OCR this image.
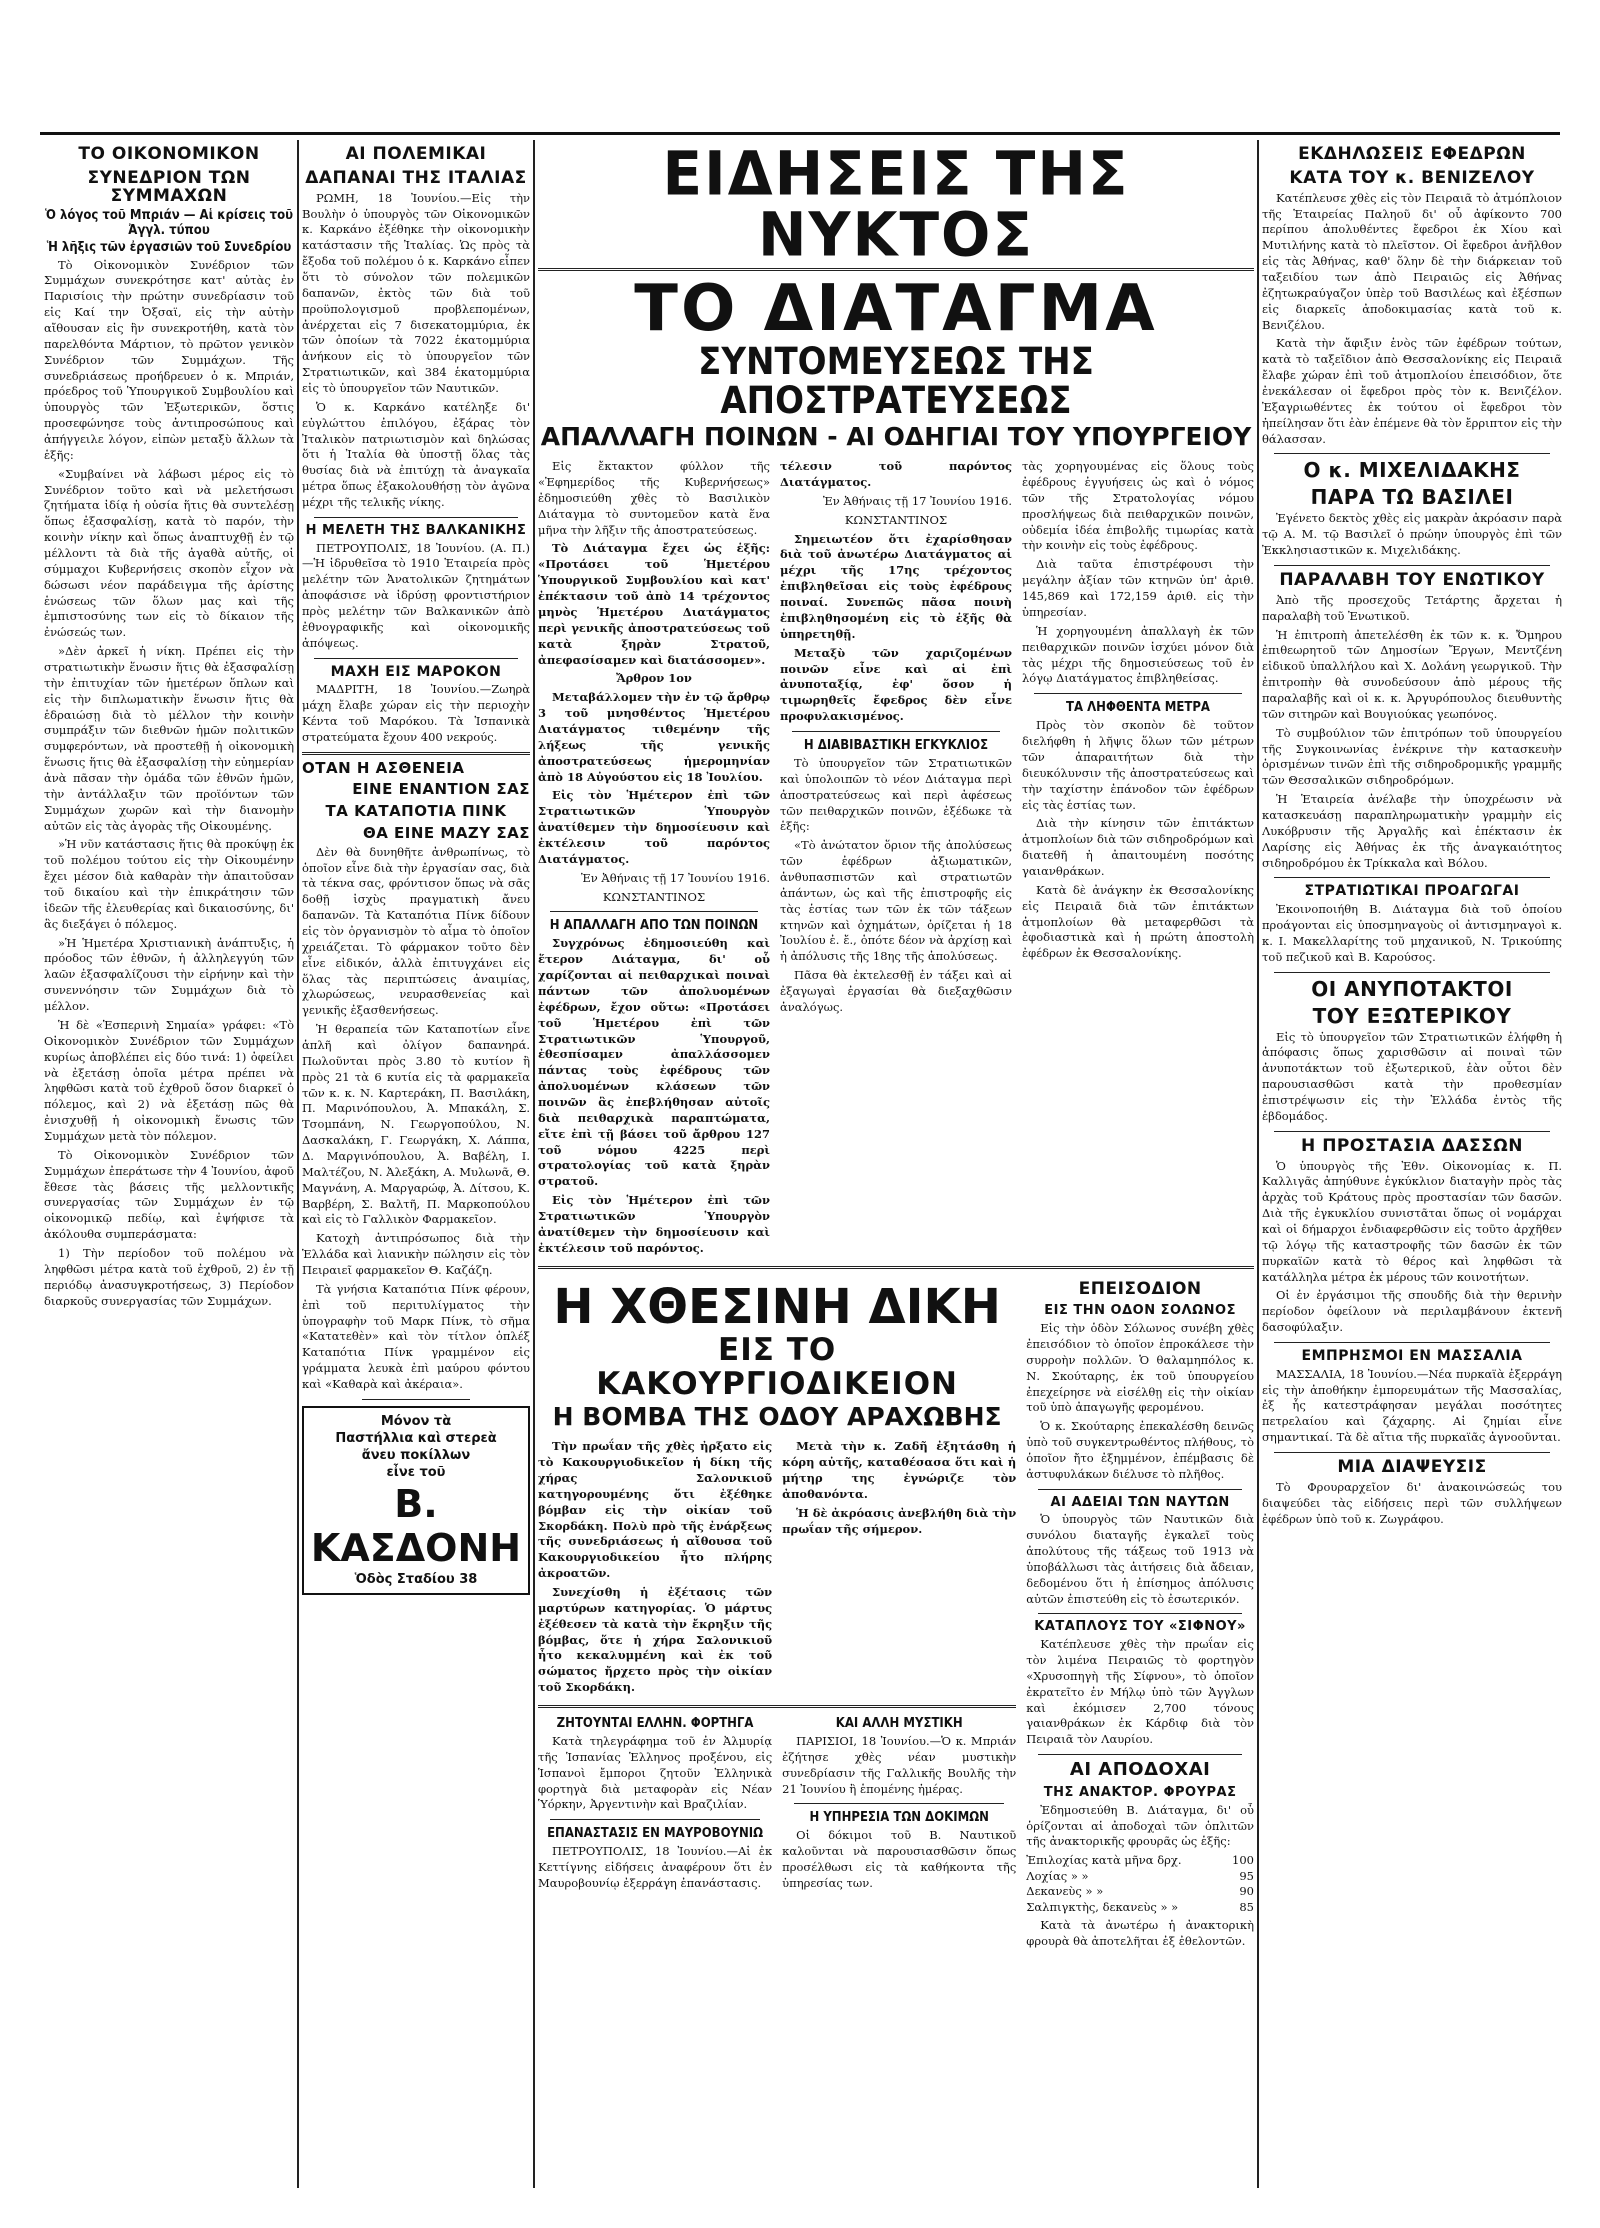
ΤΟ ΟΙΚΟΝΟΜΙΚΟΝ
ΣΥΝΕΔΡΙΟΝ ΤΩΝ ΣΥΜΜΑΧΩΝ
Ὁ λόγος τοῦ Μπριάν — Αἱ κρίσεις τοῦ Ἀγγλ. τύπου
Ἡ λῆξις τῶν ἐργασιῶν τοῦ Συνεδρίου

Τὸ Οἰκονομικὸν Συνέδριον τῶν Συμμάχων συνεκρότησε κατ' αὐτὰς ἐν Παρισίοις τὴν πρώτην συνεδρίασιν τοῦ εἰς Καί την Ὀξσαϊ, εἰς τὴν αὐτὴν αἴθουσαν εἰς ἣν συνεκροτήθη, κατὰ τὸν παρελθόντα Μάρτιον, τὸ πρῶτον γενικὸν Συνέδριον τῶν Συμμάχων. Τῆς συνεδριάσεως προήδρευεν ὁ κ. Μπριάν, πρόεδρος τοῦ Ὑπουργικοῦ Συμβουλίου καὶ ὑπουργὸς τῶν Ἐξωτερικῶν, ὅστις προσεφώνησε τοὺς ἀντιπροσώπους καὶ ἀπήγγειλε λόγον, εἰπὼν μεταξὺ ἄλλων τὰ ἑξῆς:

«Συμβαίνει νὰ λάβωσι μέρος εἰς τὸ Συνέδριον τοῦτο καὶ νὰ μελετήσωσι ζητήματα ἰδίᾳ ἡ οὐσία ἥτις θὰ συντελέσῃ ὅπως ἐξασφαλίσῃ, κατὰ τὸ παρόν, τὴν κοινὴν νίκην καὶ ὅπως ἀναπτυχθῇ ἐν τῷ μέλλοντι τὰ διὰ τῆς ἀγαθὰ αὐτῆς, οἱ σύμμαχοι Κυβερνήσεις σκοπὸν εἶχον νὰ δώσωσι νέον παράδειγμα τῆς ἀρίστης ἑνώσεως τῶν ὅλων μας καὶ τῆς ἐμπιστοσύνης των εἰς τὸ δίκαιον τῆς ἐνώσεώς των.

»Δὲν ἀρκεῖ ἡ νίκη. Πρέπει εἰς τὴν στρατιωτικὴν ἕνωσιν ἥτις θὰ ἐξασφαλίσῃ τὴν ἐπιτυχίαν τῶν ἡμετέρων ὅπλων καὶ εἰς τὴν διπλωματικὴν ἕνωσιν ἥτις θὰ ἑδραιώσῃ διὰ τὸ μέλλον τὴν κοινὴν συμπράξιν τῶν διεθνῶν ἡμῶν πολιτικῶν συμφερόντων, νὰ προστεθῇ ἡ οἰκονομικὴ ἕνωσις ἥτις θὰ ἐξασφαλίσῃ τὴν εὐημερίαν ἀνὰ πᾶσαν τὴν ὁμάδα τῶν ἐθνῶν ἡμῶν, τὴν ἀντάλλαξιν τῶν προϊόντων τῶν Συμμάχων χωρῶν καὶ τὴν διανομὴν αὐτῶν εἰς τὰς ἀγορὰς τῆς Οἰκουμένης.

»Ἡ νῦν κατάστασις ἥτις θὰ προκύψῃ ἐκ τοῦ πολέμου τούτου εἰς τὴν Οἰκουμένην ἔχει μέσον διὰ καθαρὰν τὴν ἀπαιτοῦσαν τοῦ δικαίου καὶ τὴν ἐπικράτησιν τῶν ἰδεῶν τῆς ἐλευθερίας καὶ δικαιοσύνης, δι' ἃς διεξάγει ὁ πόλεμος.

»Ἡ Ἡμετέρα Χριστιανικὴ ἀνάπτυξις, ἡ πρόοδος τῶν ἐθνῶν, ἡ ἀλληλεγγύη τῶν λαῶν ἐξασφαλίζουσι τὴν εἰρήνην καὶ τὴν συνεννόησιν τῶν Συμμάχων διὰ τὸ μέλλον.

Ἡ δὲ «Ἑσπερινὴ Σημαία» γράφει: «Τὸ Οἰκονομικὸν Συνέδριον τῶν Συμμάχων κυρίως ἀποβλέπει εἰς δύο τινά: 1) ὀφείλει νὰ ἐξετάσῃ ὁποῖα μέτρα πρέπει νὰ ληφθῶσι κατὰ τοῦ ἐχθροῦ ὅσον διαρκεῖ ὁ πόλεμος, καὶ 2) νὰ ἐξετάσῃ πῶς θὰ ἐνισχυθῇ ἡ οἰκονομικὴ ἕνωσις τῶν Συμμάχων μετὰ τὸν πόλεμον.

Τὸ Οἰκονομικὸν Συνέδριον τῶν Συμμάχων ἐπεράτωσε τὴν 4 Ἰουνίου, ἀφοῦ ἔθεσε τὰς βάσεις τῆς μελλοντικῆς συνεργασίας τῶν Συμμάχων ἐν τῷ οἰκονομικῷ πεδίῳ, καὶ ἐψήφισε τὰ ἀκόλουθα συμπεράσματα:

1) Τὴν περίοδον τοῦ πολέμου νὰ ληφθῶσι μέτρα κατὰ τοῦ ἐχθροῦ, 2) ἐν τῇ περιόδῳ ἀνασυγκροτήσεως, 3) Περίοδον διαρκοῦς συνεργασίας τῶν Συμμάχων.

ΑΙ ΠΟΛΕΜΙΚΑΙ
ΔΑΠΑΝΑΙ ΤΗΣ ΙΤΑΛΙΑΣ

ΡΩΜΗ, 18 Ἰουνίου.—Εἰς τὴν Βουλὴν ὁ ὑπουργὸς τῶν Οἰκονομικῶν κ. Καρκάνο ἐξέθηκε τὴν οἰκονομικὴν κατάστασιν τῆς Ἰταλίας. Ὡς πρὸς τὰ ἔξοδα τοῦ πολέμου ὁ κ. Καρκάνο εἶπεν ὅτι τὸ σύνολον τῶν πολεμικῶν δαπανῶν, ἐκτὸς τῶν διὰ τοῦ προϋπολογισμοῦ προβλεπομένων, ἀνέρχεται εἰς 7 δισεκατομμύρια, ἐκ τῶν ὁποίων τὰ 7022 ἑκατομμύρια ἀνήκουν εἰς τὸ ὑπουργεῖον τῶν Στρατιωτικῶν, καὶ 384 ἑκατομμύρια εἰς τὸ ὑπουργεῖον τῶν Ναυτικῶν.

Ὁ κ. Καρκάνο κατέληξε δι' εὐγλώττου ἐπιλόγου, ἐξάρας τὸν Ἰταλικὸν πατριωτισμὸν καὶ δηλώσας ὅτι ἡ Ἰταλία θὰ ὑποστῇ ὅλας τὰς θυσίας διὰ νὰ ἐπιτύχῃ τὰ ἀναγκαῖα μέτρα ὅπως ἐξακολουθήσῃ τὸν ἀγῶνα μέχρι τῆς τελικῆς νίκης.

Η ΜΕΛΕΤΗ ΤΗΣ ΒΑΛΚΑΝΙΚΗΣ

ΠΕΤΡΟΥΠΟΛΙΣ, 18 Ἰουνίου. (Α. Π.)—Ἡ ἱδρυθεῖσα τὸ 1910 Ἑταιρεία πρὸς μελέτην τῶν Ἀνατολικῶν ζητημάτων ἀποφάσισε νὰ ἱδρύσῃ φροντιστήριον πρὸς μελέτην τῶν Βαλκανικῶν ἀπὸ ἐθνογραφικῆς καὶ οἰκονομικῆς ἀπόψεως.

ΜΑΧΗ ΕΙΣ ΜΑΡΟΚΟΝ

ΜΑΔΡΙΤΗ, 18 Ἰουνίου.—Ζωηρὰ μάχη ἔλαβε χώραν εἰς τὴν περιοχὴν Κέντα τοῦ Μαρόκου. Τὰ Ἱσπανικὰ στρατεύματα ἔχουν 400 νεκρούς.

ΟΤΑΝ Η ΑΣΘΕΝΕΙΑ
ΕΙΝΕ ΕΝΑΝΤΙΟΝ ΣΑΣ
ΤΑ ΚΑΤΑΠΟΤΙΑ ΠΙΝΚ
ΘΑ ΕΙΝΕ ΜΑΖΥ ΣΑΣ

Δὲν θὰ δυνηθῆτε ἀνθρωπίνως, τὸ ὁποῖον εἶνε διὰ τὴν ἐργασίαν σας, διὰ τὰ τέκνα σας, φρόντισον ὅπως νὰ σᾶς δοθῇ ἰσχὺς πραγματικὴ ἄνευ δαπανῶν. Τὰ Καταπότια Πίνκ δίδουν εἰς τὸν ὀργανισμὸν τὸ αἷμα τὸ ὁποῖον χρειάζεται. Τὸ φάρμακον τοῦτο δὲν εἶνε εἰδικόν, ἀλλὰ ἐπιτυγχάνει εἰς ὅλας τὰς περιπτώσεις ἀναιμίας, χλωρώσεως, νευρασθενείας καὶ γενικῆς ἐξασθενήσεως.

Ἡ θεραπεία τῶν Καταποτίων εἶνε ἁπλῆ καὶ ὀλίγον δαπανηρά. Πωλοῦνται πρὸς 3.80 τὸ κυτίον ἢ πρὸς 21 τὰ 6 κυτία εἰς τὰ φαρμακεῖα τῶν κ. κ. Ν. Καρτεράκη, Π. Βασιλάκη, Π. Μαρινόπουλου, Ἀ. Μπακάλη, Σ. Τσομπάνη, Ν. Γεωργοπούλου, Ν. Δασκαλάκη, Γ. Γεωργάκη, Χ. Λάππα, Δ. Μαργινόπουλου, Ἀ. Βαβέλη, Ι. Μαλτέζου, Ν. Ἀλεξάκη, Α. Μυλωνᾶ, Θ. Μαγνάνη, Α. Μαργαρώφ, Ἀ. Δίτσου, Κ. Βαρβέρη, Σ. Βαλτῆ, Π. Μαρκοπούλου καὶ εἰς τὸ Γαλλικὸν Φαρμακεῖον.

Κατοχὴ ἀντιπρόσωπος διὰ τὴν Ἑλλάδα καὶ λιανικὴν πώλησιν εἰς τὸν Πειραιεῖ φαρμακεῖον Θ. Καζάζη.

Τὰ γνήσια Καταπότια Πίνκ φέρουν, ἐπὶ τοῦ περιτυλίγματος τὴν ὑπογραφὴν τοῦ Μαρκ Πίνκ, τὸ σῆμα «Κατατεθὲν» καὶ τὸν τίτλον ὁπλέξ Καταπότια Πίνκ γραμμένον εἰς γράμματα λευκὰ ἐπὶ μαύρου φόντου καὶ «Καθαρὰ καὶ ἀκέραια».

Μόνον τὰ
Παστήλλια καὶ στερεὰ
ἄνευ ποκίλλων
εἶνε τοῦ
Β. ΚΑΣΔΟΝΗ
Ὁδὸς Σταδίου 38
ΕΙΔΗΣΕΙΣ ΤΗΣ ΝΥΚΤΟΣ
ΤΟ ΔΙΑΤΑΓΜΑ
ΣΥΝΤΟΜΕΥΣΕΩΣ ΤΗΣ ΑΠΟΣΤΡΑΤΕΥΣΕΩΣ
ΑΠΑΛΛΑΓΗ ΠΟΙΝΩΝ - ΑΙ ΟΔΗΓΙΑΙ ΤΟΥ ΥΠΟΥΡΓΕΙΟΥ

Εἰς ἔκτακτον φύλλον τῆς «Ἐφημερίδος τῆς Κυβερνήσεως» ἐδημοσιεύθη χθὲς τὸ Βασιλικὸν Διάταγμα τὸ συντομεῦον κατὰ ἕνα μῆνα τὴν λῆξιν τῆς ἀποστρατεύσεως.

Τὸ Διάταγμα ἔχει ὡς ἑξῆς: «Προτάσει τοῦ Ἡμετέρου Ὑπουργικοῦ Συμβουλίου καὶ κατ' ἐπέκτασιν τοῦ ἀπὸ 14 τρέχοντος μηνὸς Ἡμετέρου Διατάγματος περὶ γενικῆς ἀποστρατεύσεως τοῦ κατὰ ξηρὰν Στρατοῦ, ἀπεφασίσαμεν καὶ διατάσσομεν».

Ἄρθρον 1ον

Μεταβάλλομεν τὴν ἐν τῷ ἄρθρῳ 3 τοῦ μνησθέντος Ἡμετέρου Διατάγματος τιθεμένην τῆς λήξεως τῆς γενικῆς ἀποστρατεύσεως ἡμερομηνίαν ἀπὸ 18 Αὐγούστου εἰς 18 Ἰουλίου.

Εἰς τὸν Ἡμέτερον ἐπὶ τῶν Στρατιωτικῶν Ὑπουργὸν ἀνατίθεμεν τὴν δημοσίευσιν καὶ ἐκτέλεσιν τοῦ παρόντος Διατάγματος.

Ἐν Ἀθήναις τῇ 17 Ἰουνίου 1916.

ΚΩΝΣΤΑΝΤΙΝΟΣ

Η ΑΠΑΛΛΑΓΗ ΑΠΟ ΤΩΝ ΠΟΙΝΩΝ

Συγχρόνως ἐδημοσιεύθη καὶ ἕτερον Διάταγμα, δι' οὗ χαρίζονται αἱ πειθαρχικαὶ ποιναὶ πάντων τῶν ἀπολυομένων ἐφέδρων, ἔχον οὕτω: «Προτάσει τοῦ Ἡμετέρου ἐπὶ τῶν Στρατιωτικῶν Ὑπουργοῦ, ἐθεσπίσαμεν ἀπαλλάσσομεν πάντας τοὺς ἐφέδρους τῶν ἀπολυομένων κλάσεων τῶν ποινῶν ἃς ἐπεβλήθησαν αὐτοῖς διὰ πειθαρχικὰ παραπτώματα, εἴτε ἐπὶ τῇ βάσει τοῦ ἄρθρου 127 τοῦ νόμου 4225 περὶ στρατολογίας τοῦ κατὰ ξηρὰν στρατοῦ.

Εἰς τὸν Ἡμέτερον ἐπὶ τῶν Στρατιωτικῶν Ὑπουργὸν ἀνατίθεμεν τὴν δημοσίευσιν καὶ ἐκτέλεσιν τοῦ παρόντος.

τέλεσιν τοῦ παρόντος Διατάγματος.

Ἐν Ἀθήναις τῇ 17 Ἰουνίου 1916.

ΚΩΝΣΤΑΝΤΙΝΟΣ

Σημειωτέον ὅτι ἐχαρίσθησαν διὰ τοῦ ἀνωτέρω Διατάγματος αἱ μέχρι τῆς 17ης τρέχοντος ἐπιβληθεῖσαι εἰς τοὺς ἐφέδρους ποιναί. Συνεπῶς πᾶσα ποινὴ ἐπιβληθησομένη εἰς τὸ ἑξῆς θὰ ὑπηρετηθῇ.

Μεταξὺ τῶν χαριζομένων ποινῶν εἶνε καὶ αἱ ἐπὶ ἀνυποταξίᾳ, ἐφ' ὅσον ἡ τιμωρηθεῖς ἔφεδρος δὲν εἶνε προφυλακισμένος.

Η ΔΙΑΒΙΒΑΣΤΙΚΗ ΕΓΚΥΚΛΙΟΣ

Τὸ ὑπουργεῖον τῶν Στρατιωτικῶν καὶ ὑπολοιπῶν τὸ νέον Διάταγμα περὶ ἀποστρατεύσεως καὶ περὶ ἀφέσεως τῶν πειθαρχικῶν ποινῶν, ἐξέδωκε τὰ ἑξῆς:

«Τὸ ἀνώτατον ὅριον τῆς ἀπολύσεως τῶν ἐφέδρων ἀξιωματικῶν, ἀνθυπασπιστῶν καὶ στρατιωτῶν ἀπάντων, ὡς καὶ τῆς ἐπιστροφῆς εἰς τὰς ἑστίας των τῶν ἐκ τῶν τάξεων κτηνῶν καὶ ὀχημάτων, ὁρίζεται ἡ 18 Ἰουλίου ἐ. ἔ., ὁπότε δέον νὰ ἀρχίσῃ καὶ ἡ ἀπόλυσις τῆς 18ης τῆς ἀπολύσεως.

Πᾶσα θὰ ἐκτελεσθῇ ἐν τάξει καὶ αἱ ἐξαγωγαὶ ἐργασίαι θὰ διεξαχθῶσιν ἀναλόγως.

τὰς χορηγουμένας εἰς ὅλους τοὺς ἐφέδρους ἐγγυήσεις ὡς καὶ ὁ νόμος τῶν τῆς Στρατολογίας νόμου προσλήψεως διὰ πειθαρχικῶν ποινῶν, οὐδεμία ἰδέα ἐπιβολῆς τιμωρίας κατὰ τὴν κοινὴν εἰς τοὺς ἐφέδρους.

Διὰ ταῦτα ἐπιστρέφουσι τὴν μεγάλην ἀξίαν τῶν κτηνῶν ὑπ' ἀριθ. 145,869 καὶ 172,159 ἀριθ. εἰς τὴν ὑπηρεσίαν.

Ἡ χορηγουμένη ἀπαλλαγὴ ἐκ τῶν πειθαρχικῶν ποινῶν ἰσχύει μόνον διὰ τὰς μέχρι τῆς δημοσιεύσεως τοῦ ἐν λόγῳ Διατάγματος ἐπιβληθείσας.

ΤΑ ΛΗΦΘΕΝΤΑ ΜΕΤΡΑ

Πρὸς τὸν σκοπὸν δὲ τοῦτον διελήφθη ἡ λῆψις ὅλων τῶν μέτρων τῶν ἀπαραιτήτων διὰ τὴν διευκόλυνσιν τῆς ἀποστρατεύσεως καὶ τὴν ταχίστην ἐπάνοδον τῶν ἐφέδρων εἰς τὰς ἑστίας των.

Διὰ τὴν κίνησιν τῶν ἐπιτάκτων ἀτμοπλοίων διὰ τῶν σιδηροδρόμων καὶ διατεθῆ ἡ ἀπαιτουμένη ποσότης γαιανθράκων.

Κατὰ δὲ ἀνάγκην ἐκ Θεσσαλονίκης εἰς Πειραιᾶ διὰ τῶν ἐπιτάκτων ἀτμοπλοίων θὰ μεταφερθῶσι τὰ ἐφοδιαστικὰ καὶ ἡ πρώτη ἀποστολὴ ἐφέδρων ἐκ Θεσσαλονίκης.

Η ΧΘΕΣΙΝΗ ΔΙΚΗ
ΕΙΣ ΤΟ ΚΑΚΟΥΡΓΙΟΔΙΚΕΙΟΝ
Η ΒΟΜΒΑ ΤΗΣ ΟΔΟΥ ΑΡΑΧΩΒΗΣ

Τὴν πρωΐαν τῆς χθὲς ἠρξατο εἰς τὸ Κακουργιοδικεῖον ἡ δίκη τῆς χήρας Σαλονικιοῦ κατηγορουμένης ὅτι ἐξέθηκε βόμβαν εἰς τὴν οἰκίαν τοῦ Σκορδάκη. Πολὺ πρὸ τῆς ἐνάρξεως τῆς συνεδριάσεως ἡ αἴθουσα τοῦ Κακουργιοδικείου ἦτο πλήρης ἀκροατῶν.

Συνεχίσθη ἡ ἐξέτασις τῶν μαρτύρων κατηγορίας. Ὁ μάρτυς ἐξέθεσεν τὰ κατὰ τὴν ἔκρηξιν τῆς βόμβας, ὅτε ἡ χήρα Σαλονικιοῦ ἦτο κεκαλυμμένη καὶ ἐκ τοῦ σώματος ἤρχετο πρὸς τὴν οἰκίαν τοῦ Σκορδάκη.

Μετὰ τὴν κ. Ζαδῆ ἐξητάσθη ἡ κόρη αὐτῆς, καταθέσασα ὅτι καὶ ἡ μήτηρ της ἐγνώριζε τὸν ἀποθανόντα.

Ἡ δὲ ἀκρόασις ἀνεβλήθη διὰ τὴν πρωΐαν τῆς σήμερον.

ΖΗΤΟΥΝΤΑΙ ΕΛΛΗΝ. ΦΟΡΤΗΓΑ

Κατὰ τηλεγράφημα τοῦ ἐν Ἀλμυρίᾳ τῆς Ἱσπανίας Ἑλληνος προξένου, εἰς Ἱσπανοὶ ἔμποροι ζητοῦν Ἑλληνικὰ φορτηγὰ διὰ μεταφορὰν εἰς Νέαν Ὑόρκην, Ἀργεντινὴν καὶ Βραζιλίαν.

ΕΠΑΝΑΣΤΑΣΙΣ ΕΝ ΜΑΥΡΟΒΟΥΝΙΩ

ΠΕΤΡΟΥΠΟΛΙΣ, 18 Ἰουνίου.—Αἱ ἐκ Κεττίγνης εἰδήσεις ἀναφέρουν ὅτι ἐν Μαυροβουνίῳ ἐξερράγη ἐπανάστασις.

ΚΑΙ ΑΛΛΗ ΜΥΣΤΙΚΗ

ΠΑΡΙΣΙΟΙ, 18 Ἰουνίου.—Ὁ κ. Μπριάν ἐζήτησε χθὲς νέαν μυστικὴν συνεδρίασιν τῆς Γαλλικῆς Βουλῆς τὴν 21 Ἰουνίου ἢ ἑπομένης ἡμέρας.

Η ΥΠΗΡΕΣΙΑ ΤΩΝ ΔΟΚΙΜΩΝ

Οἱ δόκιμοι τοῦ Β. Ναυτικοῦ καλοῦνται νὰ παρουσιασθῶσιν ὅπως προσέλθωσι εἰς τὰ καθήκοντα τῆς ὑπηρεσίας των.

ΕΠΕΙΣΟΔΙΟΝ
ΕΙΣ ΤΗΝ ΟΔΟΝ ΣΟΛΩΝΟΣ

Εἰς τὴν ὁδὸν Σόλωνος συνέβη χθὲς ἐπεισόδιον τὸ ὁποῖον ἐπροκάλεσε τὴν συρροὴν πολλῶν. Ὁ θαλαμηπόλος κ. Ν. Σκούταρης, ἐκ τοῦ ὑπουργείου ἐπεχείρησε νὰ εἰσέλθῃ εἰς τὴν οἰκίαν τοῦ ὑπὸ ἀπαγωγῆς φερομένου.

Ὁ κ. Σκούταρης ἐπεκαλέσθη δεινῶς ὑπὸ τοῦ συγκεντρωθέντος πλήθους, τὸ ὁποῖον ἤτο ἐξημμένον, ἐπέμβασις δὲ ἀστυφυλάκων διέλυσε τὸ πλῆθος.

ΑΙ ΑΔΕΙΑΙ ΤΩΝ ΝΑΥΤΩΝ

Ὁ ὑπουργὸς τῶν Ναυτικῶν διὰ συνόλου διαταγῆς ἐγκαλεῖ τοὺς ἀπολύτους τῆς τάξεως τοῦ 1913 νὰ ὑποβάλλωσι τὰς ἀιτήσεις διὰ ἄδειαν, δεδομένου ὅτι ἡ ἐπίσημος ἀπόλυσις αὐτῶν ἐπιστεύθη εἰς τὸ ἐσωτερικόν.

ΚΑΤΑΠΛΟΥΣ ΤΟΥ «ΣΙΦΝΟΥ»

Κατέπλευσε χθὲς τὴν πρωΐαν εἰς τὸν λιμένα Πειραιῶς τὸ φορτηγὸν «Χρυσοπηγὴ τῆς Σίφνου», τὸ ὁποῖον ἐκρατεῖτο ἐν Μήλῳ ὑπὸ τῶν Ἀγγλων καὶ ἐκόμισεν 2,700 τόνους γαιανθράκων ἐκ Κάρδιφ διὰ τὸν Πειραιᾶ τὸν Λαυρίου.

ΑΙ ΑΠΟΔΟΧΑΙ
ΤΗΣ ΑΝΑΚΤΟΡ. ΦΡΟΥΡΑΣ

Ἐδημοσιεύθη Β. Διάταγμα, δι' οὗ ὁρίζονται αἱ ἀποδοχαὶ τῶν ὁπλιτῶν τῆς ἀνακτορικῆς φρουρᾶς ὡς ἑξῆς:

Ἐπιλοχίας κατὰ μῆνα δρχ.	100
Λοχίας » »	95
Δεκανεὺς » »	90
Σαλπιγκτὴς, δεκανεὺς » »	85

Κατὰ τὰ ἀνωτέρω ἡ ἀνακτορικὴ φρουρὰ θὰ ἀποτελῆται ἐξ ἐθελοντῶν.

ΕΚΔΗΛΩΣΕΙΣ ΕΦΕΔΡΩΝ
ΚΑΤΑ ΤΟΥ κ. ΒΕΝΙΖΕΛΟΥ

Κατέπλευσε χθὲς εἰς τὸν Πειραιᾶ τὸ ἀτμόπλοιον τῆς Ἑταιρείας Παληοῦ δι' οὗ ἀφίκοντο 700 περίπου ἀπολυθέντες ἔφεδροι ἐκ Χίου καὶ Μυτιλήνης κατὰ τὸ πλεῖστον. Οἱ ἔφεδροι ἀνῆλθον εἰς τὰς Ἀθήνας, καθ' ὅλην δὲ τὴν διάρκειαν τοῦ ταξειδίου των ἀπὸ Πειραιῶς εἰς Ἀθήνας ἐζητωκραύγαζον ὑπὲρ τοῦ Βασιλέως καὶ ἐξέσπων εἰς διαρκεῖς ἀποδοκιμασίας κατὰ τοῦ κ. Βενιζέλου.

Κατὰ τὴν ἄφιξιν ἑνὸς τῶν ἐφέδρων τούτων, κατὰ τὸ ταξεῖδιον ἀπὸ Θεσσαλονίκης εἰς Πειραιᾶ ἔλαβε χώραν ἐπὶ τοῦ ἀτμοπλοίου ἐπεισόδιον, ὅτε ἐνεκάλεσαν οἱ ἔφεδροι πρὸς τὸν κ. Βενιζέλον. Ἐξαγριωθέντες ἐκ τούτου οἱ ἔφεδροι τὸν ἠπείλησαν ὅτι ἐὰν ἐπέμενε θὰ τὸν ἔρριπτον εἰς τὴν θάλασσαν.

Ο κ. ΜΙΧΕΛΙΔΑΚΗΣ
ΠΑΡΑ ΤΩ ΒΑΣΙΛΕΙ

Ἐγένετο δεκτὸς χθὲς εἰς μακρὰν ἀκρόασιν παρὰ τῷ Α. Μ. τῷ Βασιλεῖ ὁ πρώην ὑπουργὸς ἐπὶ τῶν Ἐκκλησιαστικῶν κ. Μιχελιδάκης.

ΠΑΡΑΛΑΒΗ ΤΟΥ ΕΝΩΤΙΚΟΥ

Ἀπὸ τῆς προσεχοῦς Τετάρτης ἄρχεται ἡ παραλαβὴ τοῦ Ἐνωτικοῦ.

Ἡ ἐπιτροπὴ ἀπετελέσθη ἐκ τῶν κ. κ. Ὄμηρου ἐπιθεωρητοῦ τῶν Δημοσίων Ἔργων, Μεντζένη εἰδικοῦ ὑπαλλήλου καὶ Χ. Δολάνη γεωργικοῦ. Τὴν ἐπιτροπὴν θὰ συνοδεύσουν ἀπὸ μέρους τῆς παραλαβῆς καὶ οἱ κ. κ. Ἀργυρόπουλος διευθυντὴς τῶν σιτηρῶν καὶ Βουγιούκας γεωπόνος.

Τὸ συμβούλιον τῶν ἐπιτρόπων τοῦ ὑπουργείου τῆς Συγκοινωνίας ἐνέκρινε τὴν κατασκευὴν ὁρισμένων τινῶν ἐπὶ τῆς σιδηροδρομικῆς γραμμῆς τῶν Θεσσαλικῶν σιδηροδρόμων.

Ἡ Ἑταιρεία ἀνέλαβε τὴν ὑποχρέωσιν νὰ κατασκευάσῃ παραπληρωματικὴν γραμμὴν εἰς Λυκόβρυσιν τῆς Ἀργαλῆς καὶ ἐπέκτασιν ἐκ Λαρίσης εἰς Ἀθήνας ἐκ τῆς ἀναγκαιότητος σιδηροδρόμου ἐκ Τρίκκαλα καὶ Βόλου.

ΣΤΡΑΤΙΩΤΙΚΑΙ ΠΡΟΑΓΩΓΑΙ

Ἐκοινοποιήθη Β. Διάταγμα διὰ τοῦ ὁποίου προάγονται εἰς ὑποσμηναγοὺς οἱ ἀντισμηναγοὶ κ. κ. Ι. Μακελλαρίτης τοῦ μηχανικοῦ, Ν. Τρικούπης τοῦ πεζικοῦ καὶ Β. Καρούσος.

ΟΙ ΑΝΥΠΟΤΑΚΤΟΙ
ΤΟΥ ΕΞΩΤΕΡΙΚΟΥ

Εἰς τὸ ὑπουργεῖον τῶν Στρατιωτικῶν ἐλήφθη ἡ ἀπόφασις ὅπως χαρισθῶσιν αἱ ποιναὶ τῶν ἀνυποτάκτων τοῦ ἐξωτερικοῦ, ἐὰν οὗτοι δὲν παρουσιασθῶσι κατὰ τὴν προθεσμίαν ἐπιστρέψωσιν εἰς τὴν Ἑλλάδα ἐντὸς τῆς ἑβδομάδος.

Η ΠΡΟΣΤΑΣΙΑ ΔΑΣΣΩΝ

Ὁ ὑπουργὸς τῆς Ἐθν. Οἰκονομίας κ. Π. Καλλιγᾶς ἀπηύθυνε ἐγκύκλιον διαταγὴν πρὸς τὰς ἀρχὰς τοῦ Κράτους πρὸς προστασίαν τῶν δασῶν. Διὰ τῆς ἐγκυκλίου συνιστᾶται ὅπως οἱ νομάρχαι καὶ οἱ δήμαρχοι ἐνδιαφερθῶσιν εἰς τοῦτο ἀρχῆθεν τῷ λόγῳ τῆς καταστροφῆς τῶν δασῶν ἐκ τῶν πυρκαϊῶν κατὰ τὸ θέρος καὶ ληφθῶσι τὰ κατάλληλα μέτρα ἐκ μέρους τῶν κοινοτήτων.

Οἱ ἐν ἐργάσιμοι τῆς σπουδῆς διὰ τὴν θερινὴν περίοδον ὁφείλουν νὰ περιλαμβάνουν ἐκτενῆ δασοφύλαξιν.

ΕΜΠΡΗΣΜΟΙ ΕΝ ΜΑΣΣΑΛΙΑ

ΜΑΣΣΑΛΙΑ, 18 Ἰουνίου.—Νέα πυρκαϊὰ ἐξερράγη εἰς τὴν ἀποθήκην ἐμπορευμάτων τῆς Μασσαλίας, ἐξ ἧς κατεστράφησαν μεγάλαι ποσότητες πετρελαίου καὶ ζάχαρης. Αἱ ζημίαι εἶνε σημαντικαί. Τὰ δὲ αἴτια τῆς πυρκαϊᾶς ἀγνοοῦνται.

ΜΙΑ ΔΙΑΨΕΥΣΙΣ

Τὸ Φρουραρχεῖον δι' ἀνακοινώσεώς του διαψεύδει τὰς εἰδήσεις περὶ τῶν συλλήψεων ἐφέδρων ὑπὸ τοῦ κ. Ζωγράφου.
